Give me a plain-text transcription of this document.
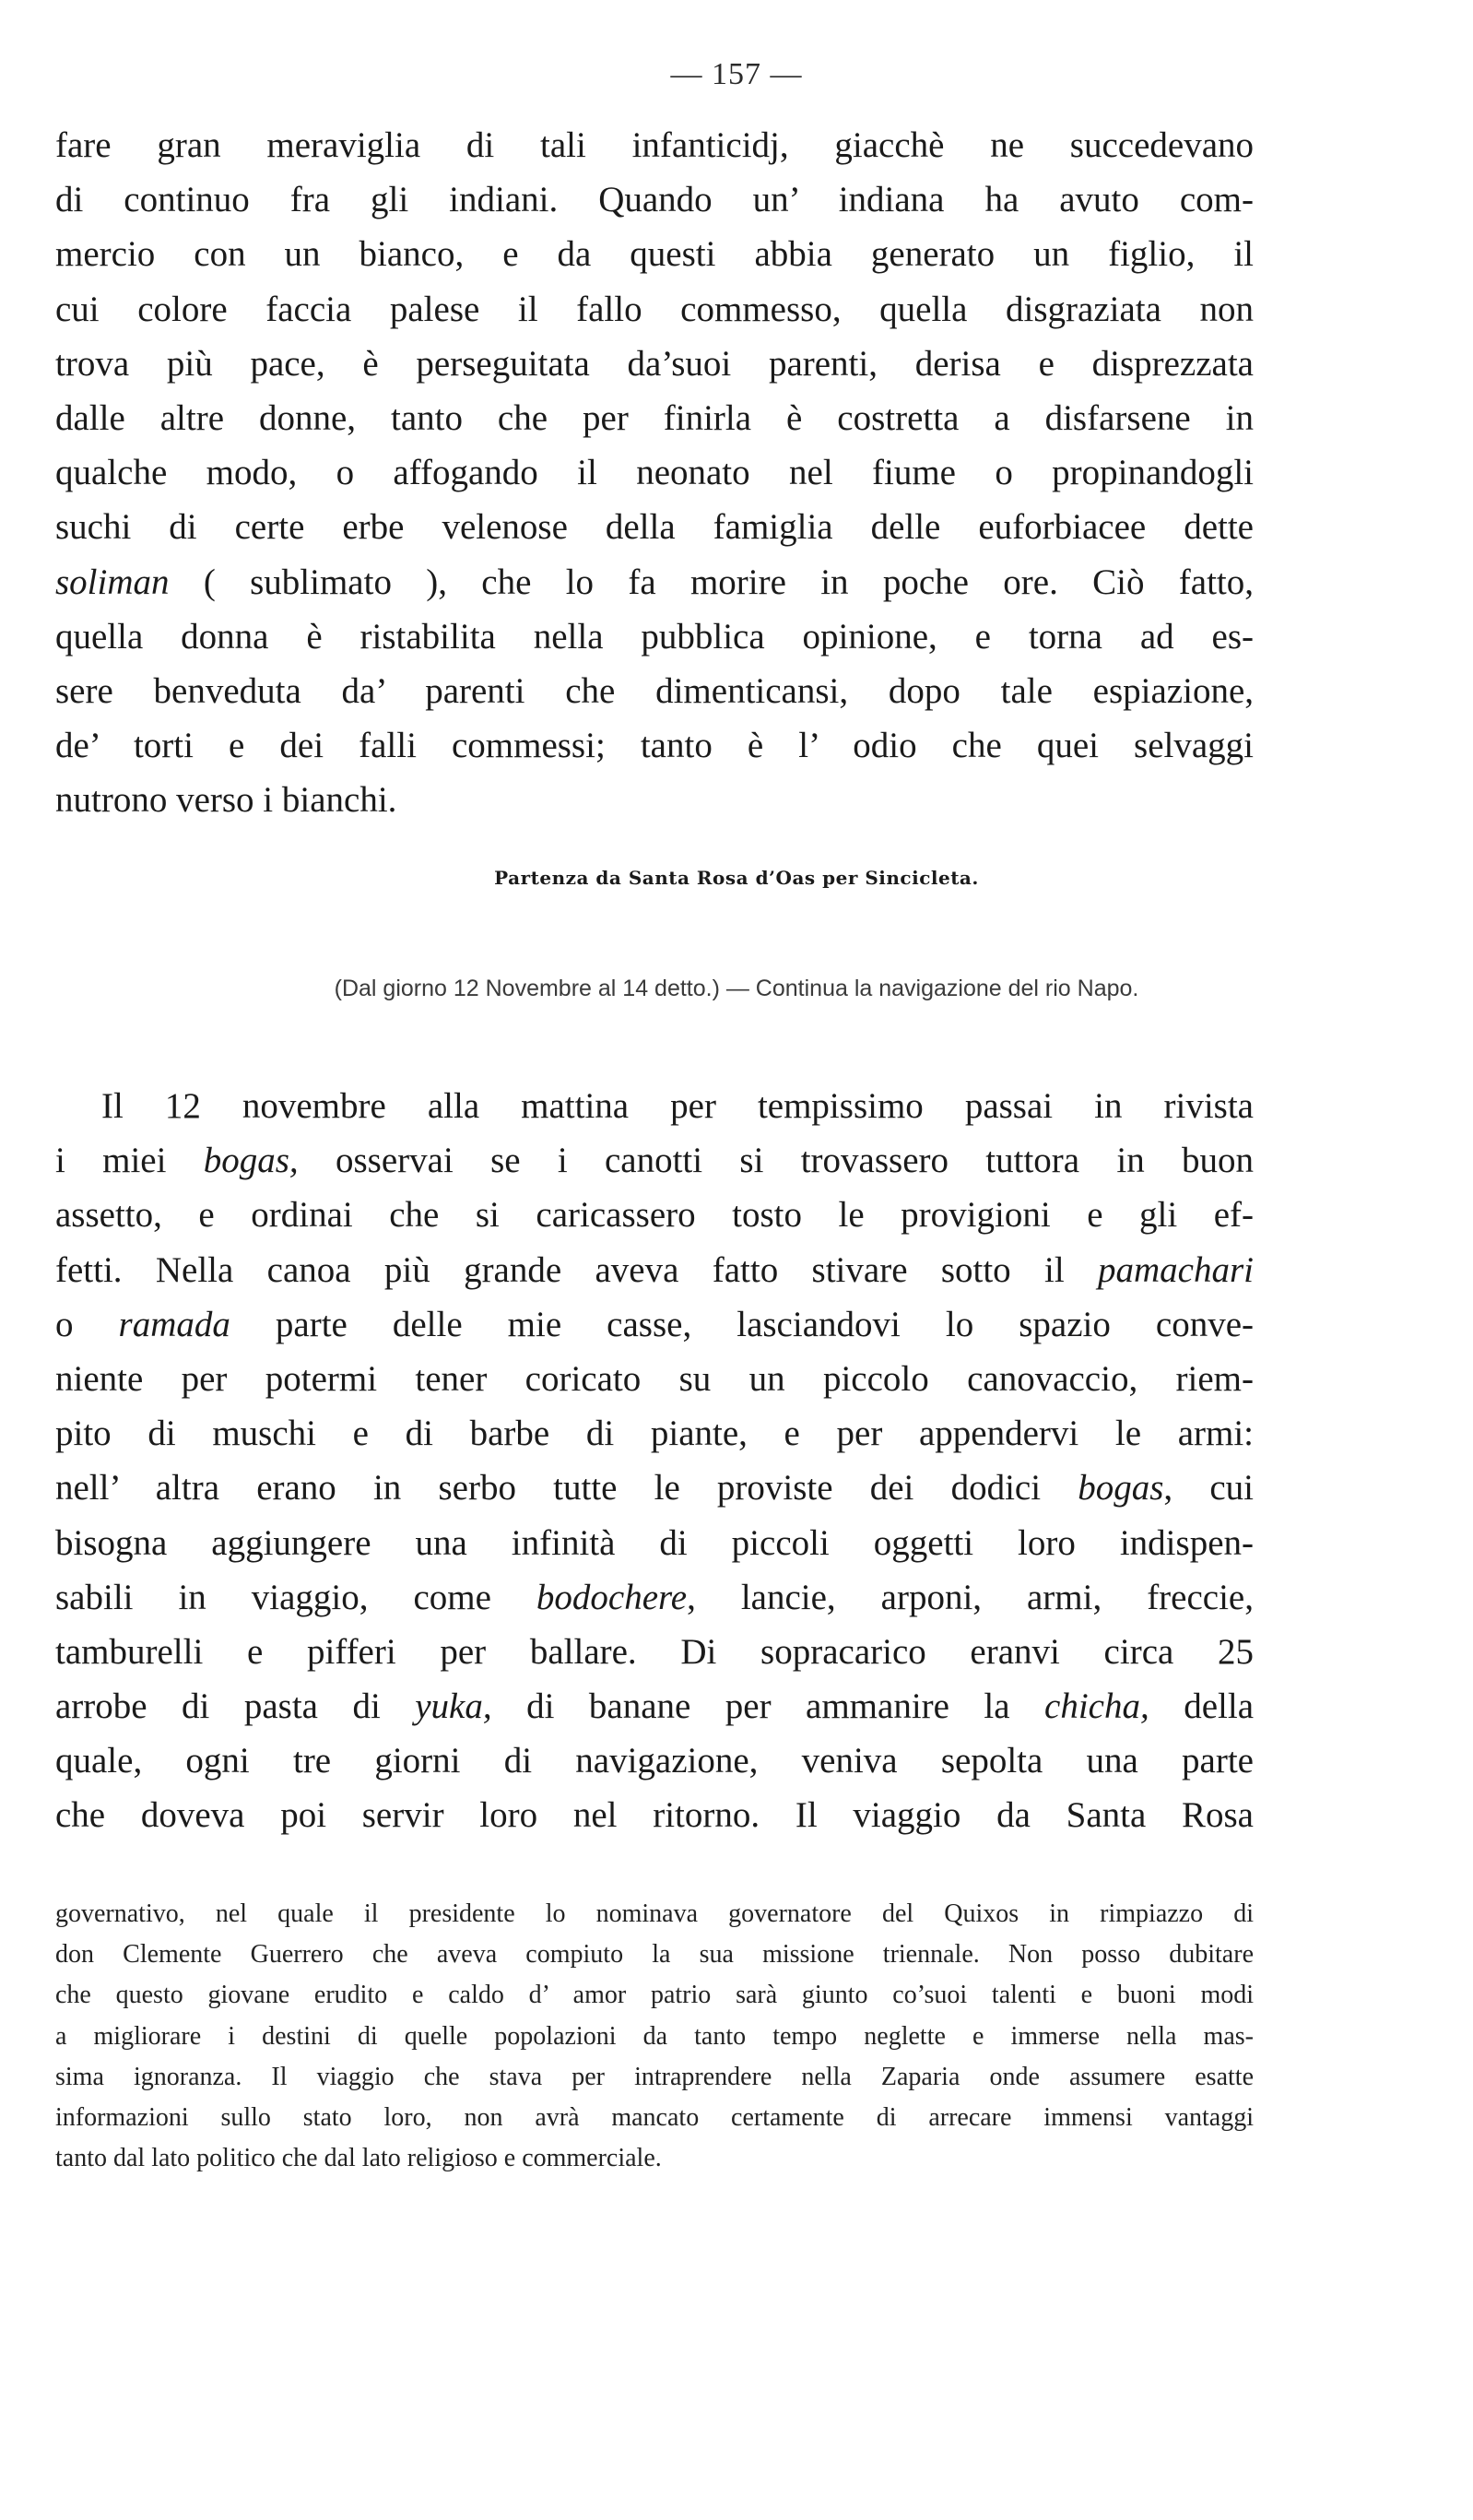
— 157 —
fare gran meraviglia di tali infanticidj, giacchè ne succedevano
di continuo fra gli indiani. Quando un’ indiana ha avuto com-
mercio con un bianco, e da questi abbia generato un figlio, il
cui colore faccia palese il fallo commesso, quella disgraziata non
trova più pace, è perseguitata da’suoi parenti, derisa e disprezzata
dalle altre donne, tanto che per finirla è costretta a disfarsene in
qualche modo, o affogando il neonato nel fiume o propinandogli
suchi di certe erbe velenose della famiglia delle euforbiacee dette
soliman ( sublimato ), che lo fa morire in poche ore. Ciò fatto,
quella donna è ristabilita nella pubblica opinione, e torna ad es-
sere benveduta da’ parenti che dimenticansi, dopo tale espiazione,
de’ torti e dei falli commessi; tanto è l’ odio che quei selvaggi
nutrono verso i bianchi.
Partenza da Santa Rosa d’Oas per Sincicleta.
(Dal giorno 12 Novembre al 14 detto.) — Continua la navigazione del rio Napo.
Il 12 novembre alla mattina per tempissimo passai in rivista
i miei bogas, osservai se i canotti si trovassero tuttora in buon
assetto, e ordinai che si caricassero tosto le provigioni e gli ef-
fetti. Nella canoa più grande aveva fatto stivare sotto il pamachari
o ramada parte delle mie casse, lasciandovi lo spazio conve-
niente per potermi tener coricato su un piccolo canovaccio, riem-
pito di muschi e di barbe di piante, e per appendervi le armi:
nell’ altra erano in serbo tutte le proviste dei dodici bogas, cui
bisogna aggiungere una infinità di piccoli oggetti loro indispen-
sabili in viaggio, come bodochere, lancie, arponi, armi, freccie,
tamburelli e pifferi per ballare. Di sopracarico eranvi circa 25
arrobe di pasta di yuka, di banane per ammanire la chicha, della
quale, ogni tre giorni di navigazione, veniva sepolta una parte
che doveva poi servir loro nel ritorno. Il viaggio da Santa Rosa
governativo, nel quale il presidente lo nominava governatore del Quixos in rimpiazzo di
don Clemente Guerrero che aveva compiuto la sua missione triennale. Non posso dubitare
che questo giovane erudito e caldo d’ amor patrio sarà giunto co’suoi talenti e buoni modi
a migliorare i destini di quelle popolazioni da tanto tempo neglette e immerse nella mas-
sima ignoranza. Il viaggio che stava per intraprendere nella Zaparia onde assumere esatte
informazioni sullo stato loro, non avrà mancato certamente di arrecare immensi vantaggi
tanto dal lato politico che dal lato religioso e commerciale.
